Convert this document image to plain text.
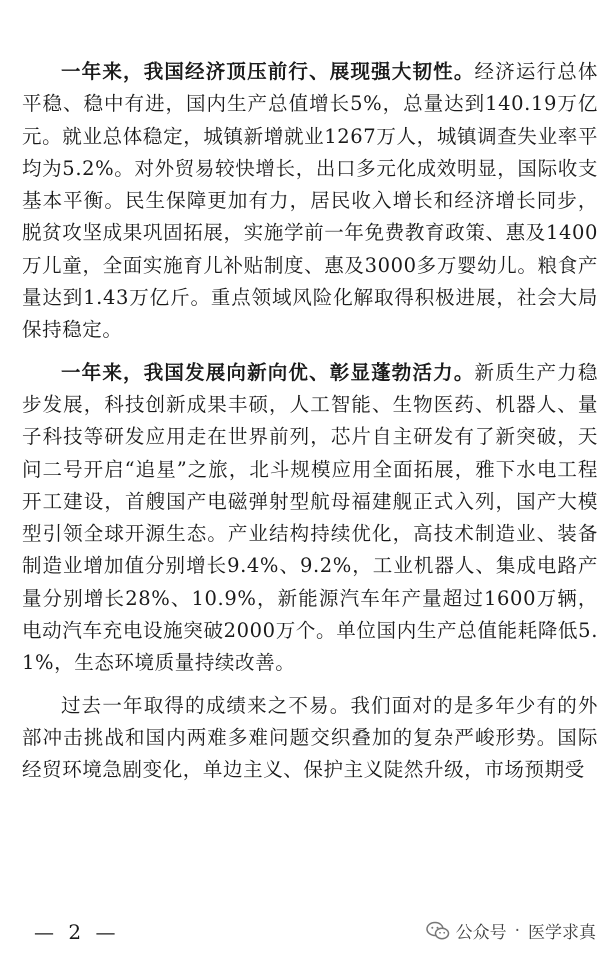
一年来，我国经济顶压前行、展现强大韧性。经济运行总体平稳、稳中有进，国内生产总值增长5%，总量达到140.19万亿元。就业总体稳定，城镇新增就业1267万人，城镇调查失业率平均为5.2%。对外贸易较快增长，出口多元化成效明显，国际收支基本平衡。民生保障更加有力，居民收入增长和经济增长同步，脱贫攻坚成果巩固拓展，实施学前一年免费教育政策、惠及1400万儿童，全面实施育儿补贴制度、惠及3000多万婴幼儿。粮食产量达到1.43万亿斤。重点领域风险化解取得积极进展，社会大局保持稳定。

一年来，我国发展向新向优、彰显蓬勃活力。新质生产力稳步发展，科技创新成果丰硕，人工智能、生物医药、机器人、量子科技等研发应用走在世界前列，芯片自主研发有了新突破，天问二号开启“追星”之旅，北斗规模应用全面拓展，雅下水电工程开工建设，首艘国产电磁弹射型航母福建舰正式入列，国产大模型引领全球开源生态。产业结构持续优化，高技术制造业、装备制造业增加值分别增长9.4%、9.2%，工业机器人、集成电路产量分别增长28%、10.9%，新能源汽车年产量超过1600万辆，电动汽车充电设施突破2000万个。单位国内生产总值能耗降低5.1%，生态环境质量持续改善。

过去一年取得的成绩来之不易。我们面对的是多年少有的外部冲击挑战和国内两难多难问题交织叠加的复杂严峻形势。国际经贸环境急剧变化，单边主义、保护主义陡然升级，市场预期受

— 2 —	公众号 · 医学求真
